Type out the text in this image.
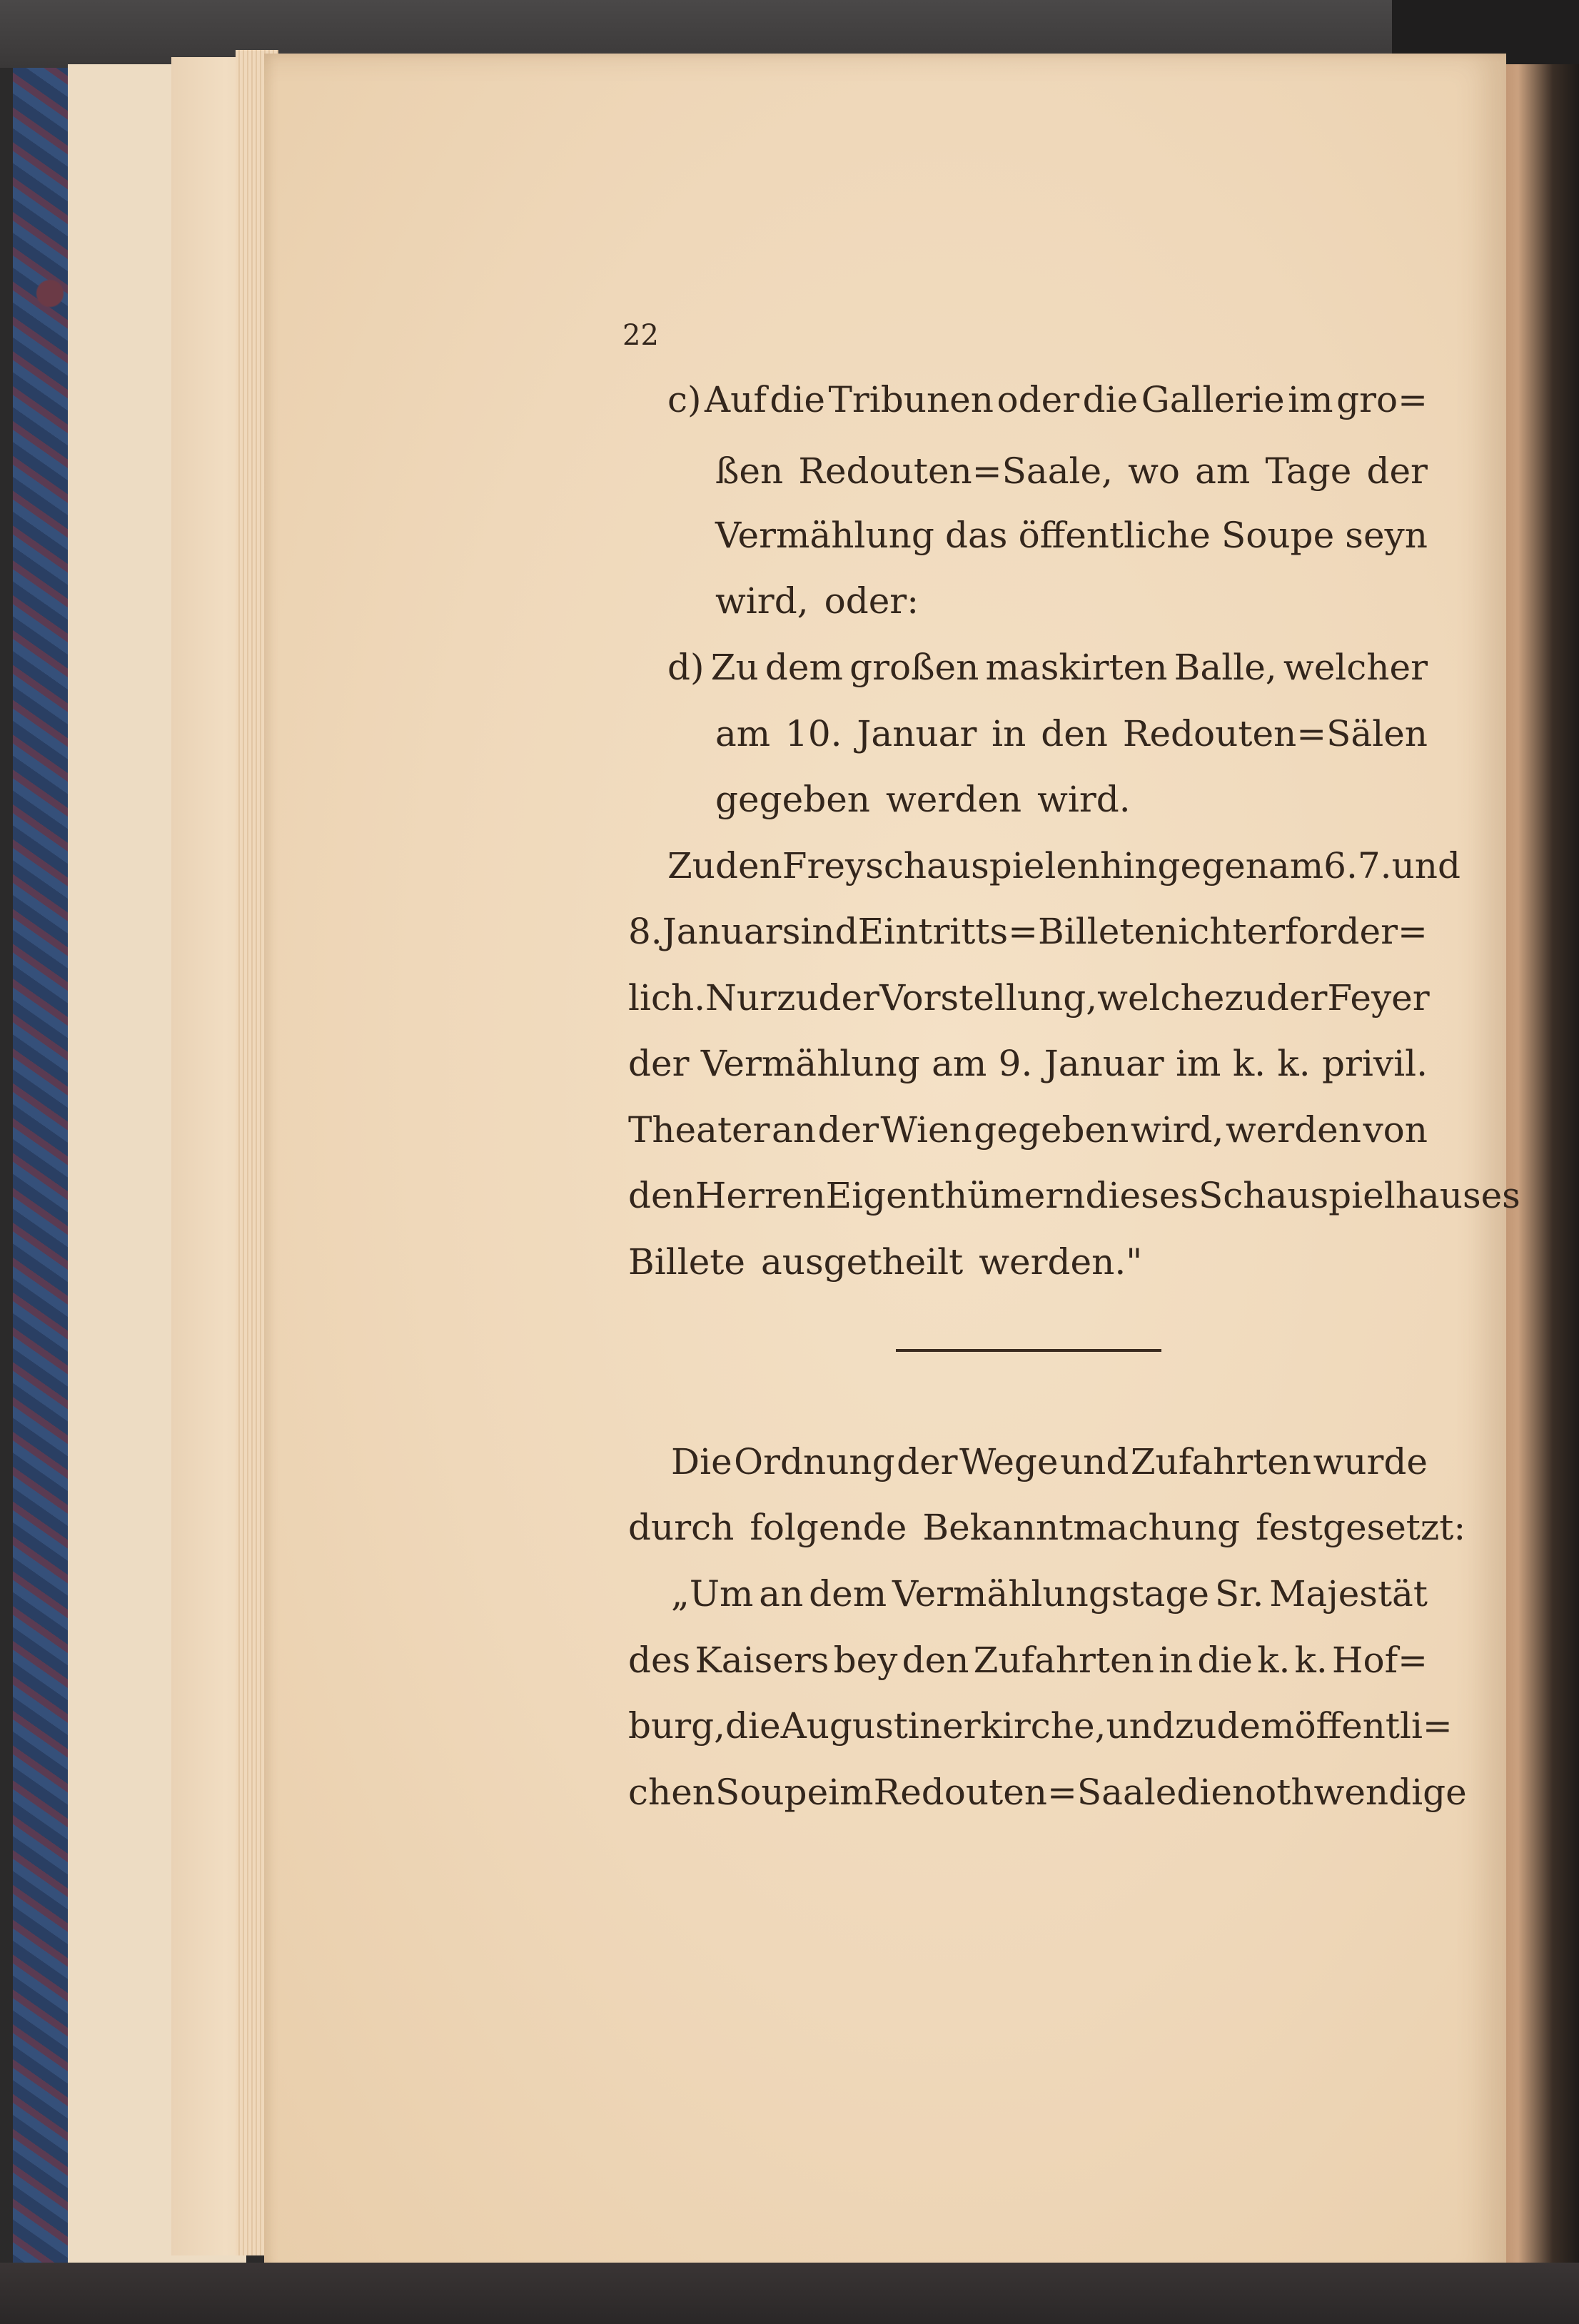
22
c) Auf die Tribunen oder die Gallerie im gro=
ßen Redouten=Saale, wo am Tage der
Vermählung das öffentliche Soupe seyn
wird, oder:
d) Zu dem großen maskirten Balle, welcher
am 10. Januar in den Redouten=Sälen
gegeben werden wird.
Zu den Freyschauspielen hingegen am 6. 7. und
8. Januar sind Eintritts=Billete nicht erforder=
lich. Nur zu der Vorstellung, welche zu der Feyer
der Vermählung am 9. Januar im k. k. privil.
Theater an der Wien gegeben wird, werden von
den Herren Eigenthümern dieses Schauspielhauses
Billete ausgetheilt werden."
Die Ordnung der Wege und Zufahrten wurde
durch folgende Bekanntmachung festgesetzt:
„Um an dem Vermählungstage Sr. Majestät
des Kaisers bey den Zufahrten in die k. k. Hof=
burg, die Augustinerkirche, und zu dem öffentli=
chen Soupe im Redouten=Saale die nothwendige
